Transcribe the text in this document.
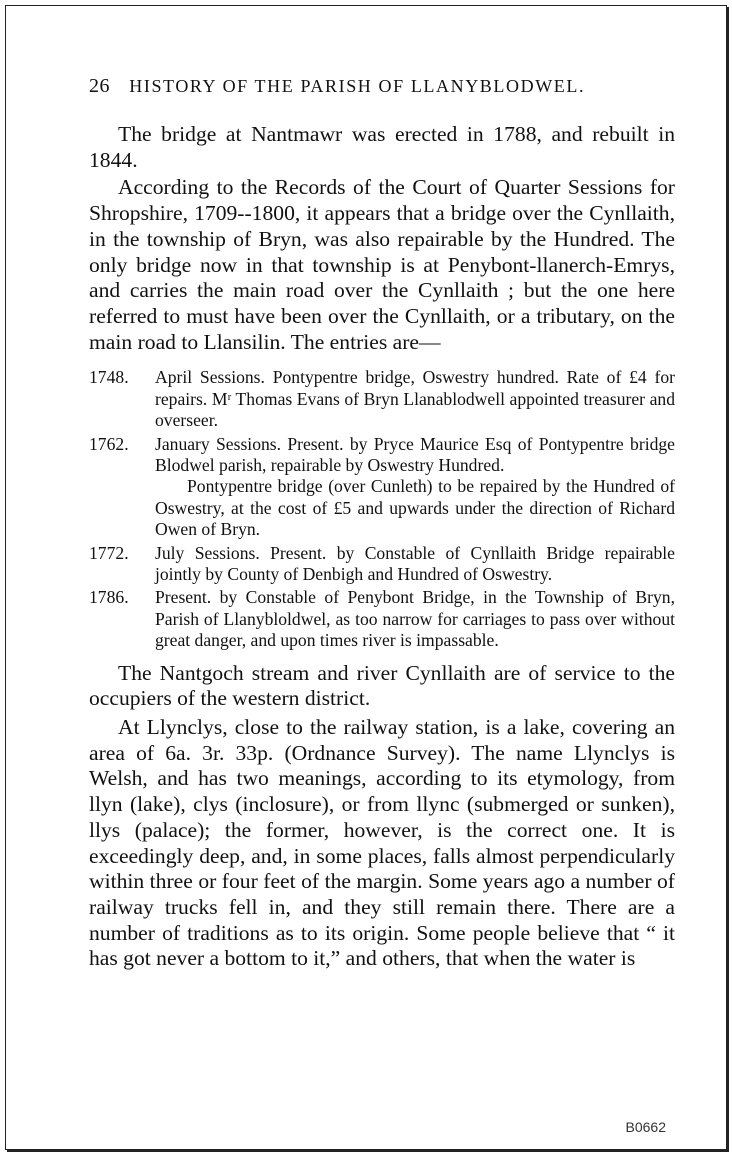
26 HISTORY OF THE PARISH OF LLANYBLODWEL.

The bridge at Nantmawr was erected in 1788, and rebuilt in 1844.

According to the Records of the Court of Quarter Sessions for Shropshire, 1709--1800, it appears that a bridge over the Cynllaith, in the township of Bryn, was also repairable by the Hundred. The only bridge now in that township is at Penybont-llanerch-Emrys, and carries the main road over the Cynllaith ; but the one here referred to must have been over the Cynllaith, or a tributary, on the main road to Llansilin. The entries are—

1748.	April Sessions. Pontypentre bridge, Oswestry hundred. Rate of £4 for repairs. Mʳ Thomas Evans of Bryn Llanablodwell appointed treasurer and overseer.
1762.	January Sessions. Present. by Pryce Maurice Esq of Pontypentre bridge Blodwel parish, repairable by Oswestry Hundred.
Pontypentre bridge (over Cunleth) to be repaired by the Hundred of Oswestry, at the cost of £5 and upwards under the direction of Richard Owen of Bryn.
1772.	July Sessions. Present. by Constable of Cynllaith Bridge repairable jointly by County of Denbigh and Hundred of Oswestry.
1786.	Present. by Constable of Penybont Bridge, in the Township of Bryn, Parish of Llanybloldwel, as too narrow for carriages to pass over without great danger, and upon times river is impassable.

The Nantgoch stream and river Cynllaith are of service to the occupiers of the western district.

At Llynclys, close to the railway station, is a lake, covering an area of 6a. 3r. 33p. (Ordnance Survey). The name Llynclys is Welsh, and has two meanings, according to its etymology, from llyn (lake), clys (inclosure), or from llync (submerged or sunken), llys (palace); the former, however, is the correct one. It is exceedingly deep, and, in some places, falls almost perpendicularly within three or four feet of the margin. Some years ago a number of railway trucks fell in, and they still remain there. There are a number of traditions as to its origin. Some people believe that “ it has got never a bottom to it,” and others, that when the water is

B0662
